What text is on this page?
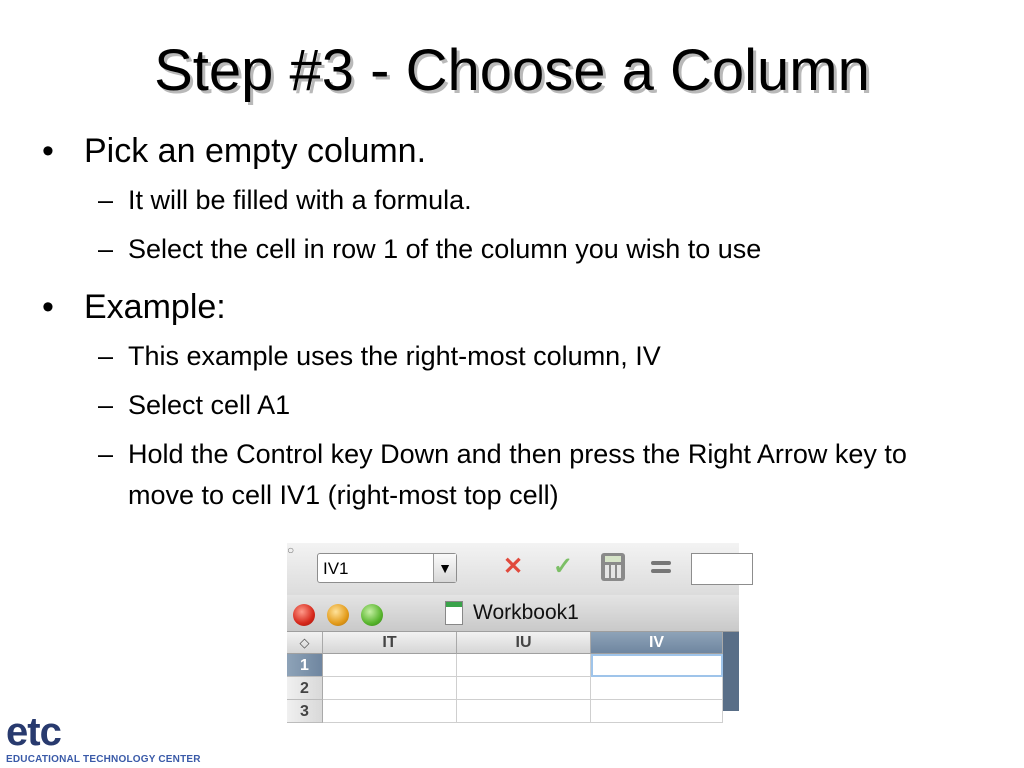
Step #3 - Choose a Column
• Pick an empty column.
– It will be filled with a formula.
– Select the cell in row 1 of the column you wish to use
• Example:
– This example uses the right-most column, IV
– Select cell A1
– Hold the Control key Down and then press the Right Arrow key to move to cell IV1 (right-most top cell)
○
IV1	▼ ✕ ✓
Workbook1
◇	IT	IU	IV
1
2
3
etc
EDUCATIONAL TECHNOLOGY CENTER
